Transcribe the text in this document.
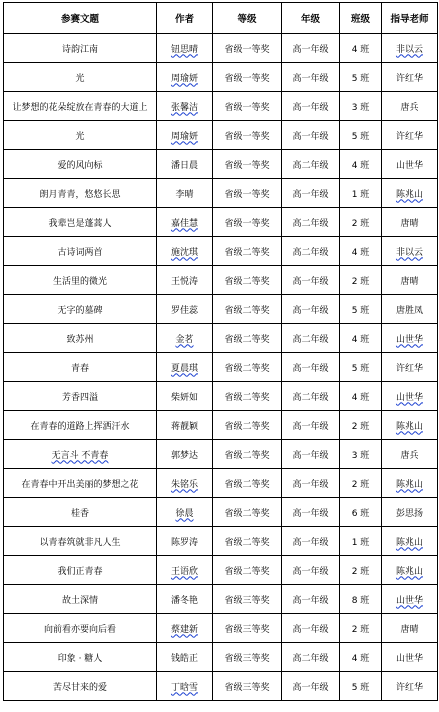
参赛文题	作者	等级	年级	班级	指导老师
诗韵江南	钮思晴	省级一等奖	高一年级	4 班	非以云
光	周瑜妍	省级一等奖	高一年级	5 班	许红华
让梦想的花朵绽放在青春的大道上	张馨洁	省级一等奖	高一年级	3 班	唐兵
光	周瑜妍	省级一等奖	高一年级	5 班	许红华
爱的风向标	潘日晨	省级一等奖	高二年级	4 班	山世华
朗月青青，悠悠长思	李晴	省级一等奖	高一年级	1 班	陈兆山
我辈岂是蓬蒿人	嘉佳慧	省级一等奖	高二年级	2 班	唐晴
古诗词两首	施沈琪	省级二等奖	高二年级	4 班	非以云
生活里的微光	王悦涛	省级二等奖	高一年级	2 班	唐晴
无字的墓碑	罗佳蕊	省级二等奖	高一年级	5 班	唐胜凤
致苏州	金茗	省级二等奖	高二年级	4 班	山世华
青春	夏晨琪	省级二等奖	高一年级	5 班	许红华
芳香四溢	柴妍如	省级二等奖	高二年级	4 班	山世华
在青春的道路上挥洒汗水	蒋靓颖	省级二等奖	高一年级	2 班	陈兆山
无言斗 不青春	郭梦达	省级二等奖	高一年级	3 班	唐兵
在青春中开出美丽的梦想之花	朱铭乐	省级二等奖	高一年级	2 班	陈兆山
桂香	徐晨	省级二等奖	高一年级	6 班	彭思扬
以青春筑就非凡人生	陈罗涛	省级二等奖	高一年级	1 班	陈兆山
我们正青春	王语欣	省级二等奖	高一年级	2 班	陈兆山
故土深情	潘冬艳	省级三等奖	高一年级	8 班	山世华
向前看亦要向后看	蔡建新	省级三等奖	高一年级	2 班	唐晴
印象 · 糖人	钱皓正	省级三等奖	高二年级	4 班	山世华
苦尽甘来的爱	丁晗雪	省级三等奖	高一年级	5 班	许红华
